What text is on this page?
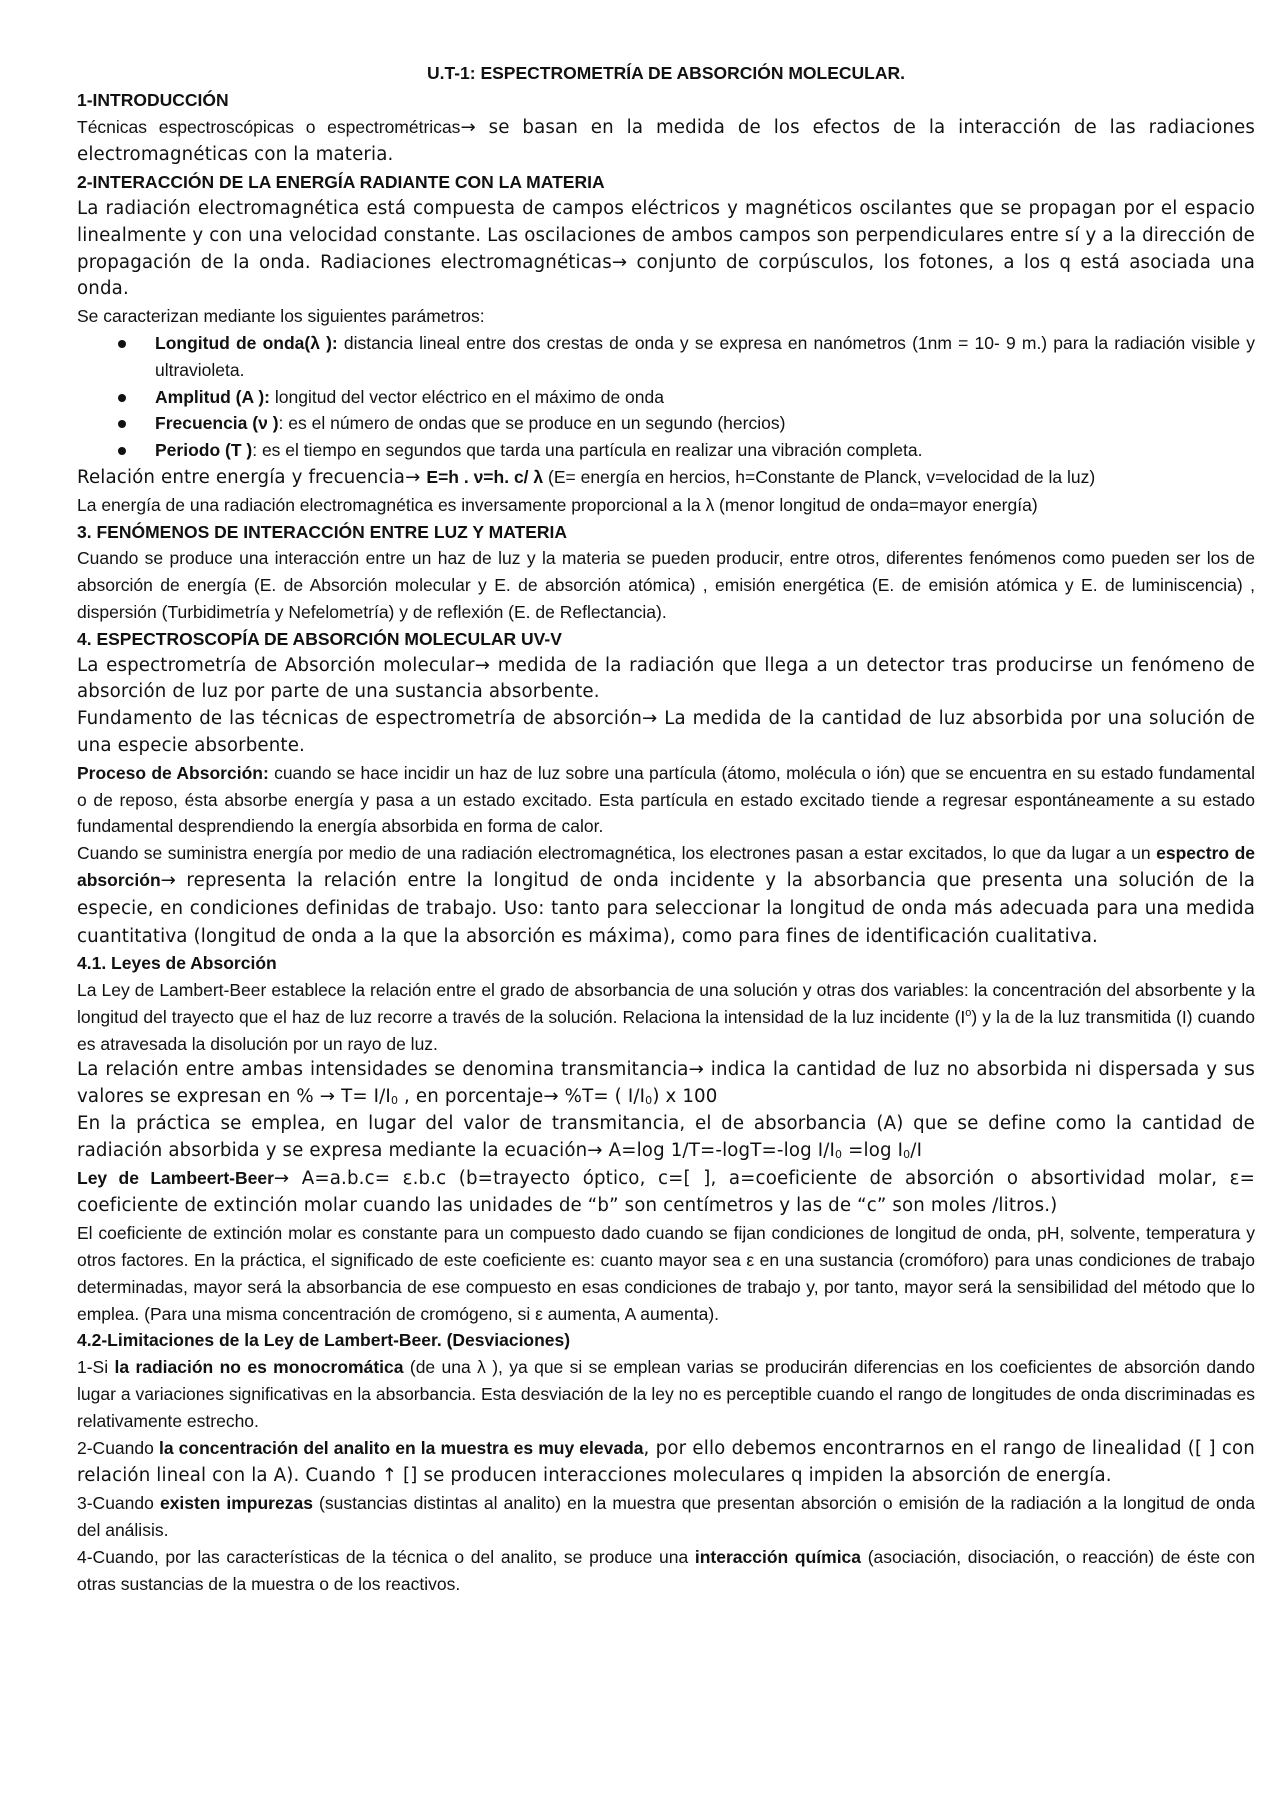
U.T-1: ESPECTROMETRÍA DE ABSORCIÓN MOLECULAR.
1-INTRODUCCIÓN
Técnicas espectroscópicas o espectrométricas→ se basan en la medida de los efectos de la interacción de las radiaciones electromagnéticas con la materia.
2-INTERACCIÓN DE LA ENERGÍA RADIANTE CON LA MATERIA
La radiación electromagnética está compuesta de campos eléctricos y magnéticos oscilantes que se propagan por el espacio linealmente y con una velocidad constante. Las oscilaciones de ambos campos son perpendiculares entre sí y a la dirección de propagación de la onda. Radiaciones electromagnéticas→ conjunto de corpúsculos, los fotones, a los q está asociada una onda.
Se caracterizan mediante los siguientes parámetros:
Longitud de onda(λ ): distancia lineal entre dos crestas de onda y se expresa en nanómetros (1nm = 10- 9 m.) para la radiación visible y ultravioleta.
Amplitud (A ): longitud del vector eléctrico en el máximo de onda
Frecuencia (ν ): es el número de ondas que se produce en un segundo (hercios)
Periodo (T ): es el tiempo en segundos que tarda una partícula en realizar una vibración completa.
Relación entre energía y frecuencia→ E=h . ν=h. c/ λ (E= energía en hercios, h=Constante de Planck, v=velocidad de la luz)
La energía de una radiación electromagnética es inversamente proporcional a la λ (menor longitud de onda=mayor energía)
3. FENÓMENOS DE INTERACCIÓN ENTRE LUZ Y MATERIA
Cuando se produce una interacción entre un haz de luz y la materia se pueden producir, entre otros, diferentes fenómenos como pueden ser los de absorción de energía (E. de Absorción molecular y E. de absorción atómica) , emisión energética (E. de emisión atómica y E. de luminiscencia) , dispersión (Turbidimetría y Nefelometría) y de reflexión (E. de Reflectancia).
4. ESPECTROSCOPÍA DE ABSORCIÓN MOLECULAR UV-V
La espectrometría de Absorción molecular→ medida de la radiación que llega a un detector tras producirse un fenómeno de absorción de luz por parte de una sustancia absorbente.
Fundamento de las técnicas de espectrometría de absorción→ La medida de la cantidad de luz absorbida por una solución de una especie absorbente.
Proceso de Absorción: cuando se hace incidir un haz de luz sobre una partícula (átomo, molécula o ión) que se encuentra en su estado fundamental o de reposo, ésta absorbe energía y pasa a un estado excitado. Esta partícula en estado excitado tiende a regresar espontáneamente a su estado fundamental desprendiendo la energía absorbida en forma de calor.
Cuando se suministra energía por medio de una radiación electromagnética, los electrones pasan a estar excitados, lo que da lugar a un espectro de absorción→ representa la relación entre la longitud de onda incidente y la absorbancia que presenta una solución de la especie, en condiciones definidas de trabajo. Uso: tanto para seleccionar la longitud de onda más adecuada para una medida cuantitativa (longitud de onda a la que la absorción es máxima), como para fines de identificación cualitativa.
4.1. Leyes de Absorción
La Ley de Lambert-Beer establece la relación entre el grado de absorbancia de una solución y otras dos variables: la concentración del absorbente y la longitud del trayecto que el haz de luz recorre a través de la solución. Relaciona la intensidad de la luz incidente $(I^o)$ y la de la luz transmitida (I) cuando es atravesada la disolución por un rayo de luz.
La relación entre ambas intensidades se denomina transmitancia→ indica la cantidad de luz no absorbida ni dispersada y sus valores se expresan en % → $T= I/I_0$ , en porcentaje→ %T= ( $I/I_0$) x 100
En la práctica se emplea, en lugar del valor de transmitancia, el de absorbancia (A) que se define como la cantidad de radiación absorbida y se expresa mediante la ecuación→ A=log 1/T=-logT=-log $I/I_0 =\log$ $I_0/I$
Ley de Lambeert-Beer→ A=a.b.c= ε.b.c (b=trayecto óptico, c=[ ], a=coeficiente de absorción o absortividad molar, ε= coeficiente de extinción molar cuando las unidades de “b” son centímetros y las de “c” son moles /litros.)
El coeficiente de extinción molar es constante para un compuesto dado cuando se fijan condiciones de longitud de onda, pH, solvente, temperatura y otros factores. En la práctica, el significado de este coeficiente es: cuanto mayor sea ε en una sustancia (cromóforo) para unas condiciones de trabajo determinadas, mayor será la absorbancia de ese compuesto en esas condiciones de trabajo y, por tanto, mayor será la sensibilidad del método que lo emplea. (Para una misma concentración de cromógeno, si ε aumenta, A aumenta).
4.2-Limitaciones de la Ley de Lambert-Beer. (Desviaciones)
1-Si la radiación no es monocromática (de una λ ), ya que si se emplean varias se producirán diferencias en los coeficientes de absorción dando lugar a variaciones significativas en la absorbancia. Esta desviación de la ley no es perceptible cuando el rango de longitudes de onda discriminadas es relativamente estrecho.
2-Cuando la concentración del analito en la muestra es muy elevada, por ello debemos encontrarnos en el rango de linealidad ([ ] con relación lineal con la A). Cuando ↑ [] se producen interacciones moleculares q impiden la absorción de energía.
3-Cuando existen impurezas (sustancias distintas al analito) en la muestra que presentan absorción o emisión de la radiación a la longitud de onda del análisis.
4-Cuando, por las características de la técnica o del analito, se produce una interacción química (asociación, disociación, o reacción) de éste con otras sustancias de la muestra o de los reactivos.
